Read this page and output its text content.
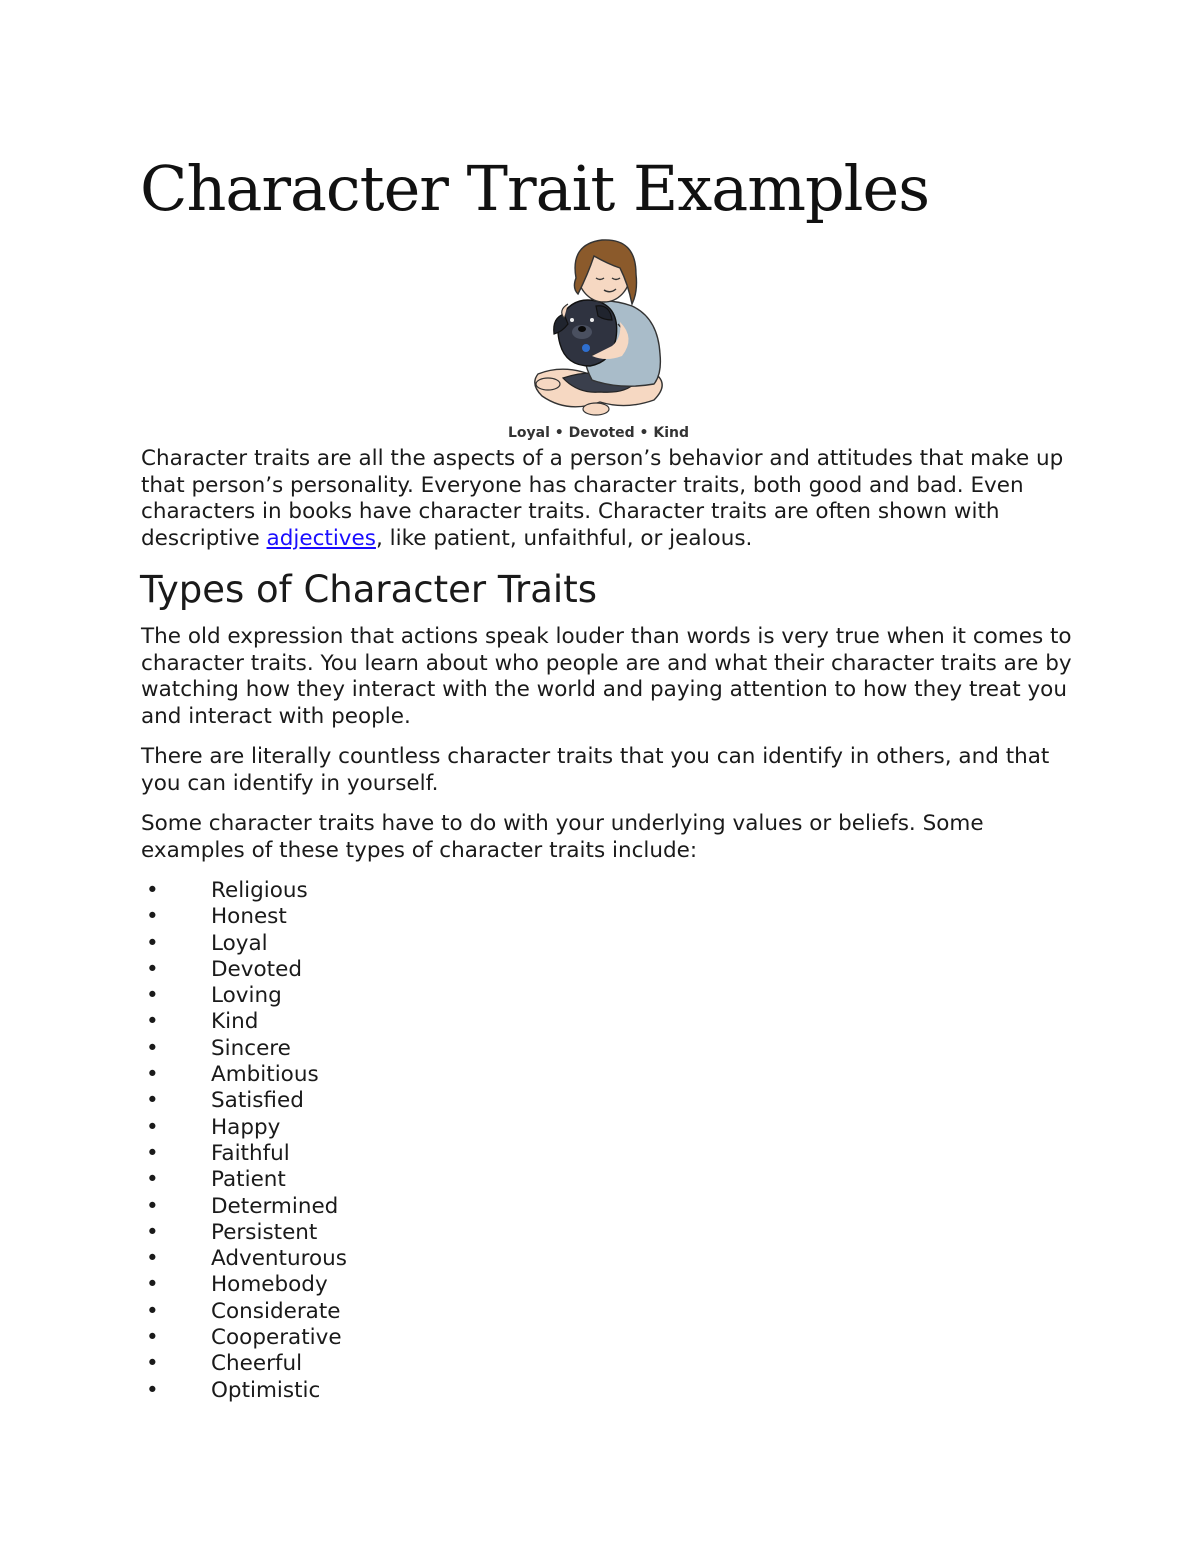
Character Trait Examples
Loyal • Devoted • Kind

Character traits are all the aspects of a person’s behavior and attitudes that make up that person’s personality. Everyone has character traits, both good and bad. Even characters in books have character traits. Character traits are often shown with descriptive adjectives, like patient, unfaithful, or jealous.

Types of Character Traits

The old expression that actions speak louder than words is very true when it comes to character traits. You learn about who people are and what their character traits are by watching how they interact with the world and paying attention to how they treat you and interact with people.

There are literally countless character traits that you can identify in others, and that you can identify in yourself.

Some character traits have to do with your underlying values or beliefs. Some examples of these types of character traits include:

• Religious
• Honest
• Loyal
• Devoted
• Loving
• Kind
• Sincere
• Ambitious
• Satisfied
• Happy
• Faithful
• Patient
• Determined
• Persistent
• Adventurous
• Homebody
• Considerate
• Cooperative
• Cheerful
• Optimistic
